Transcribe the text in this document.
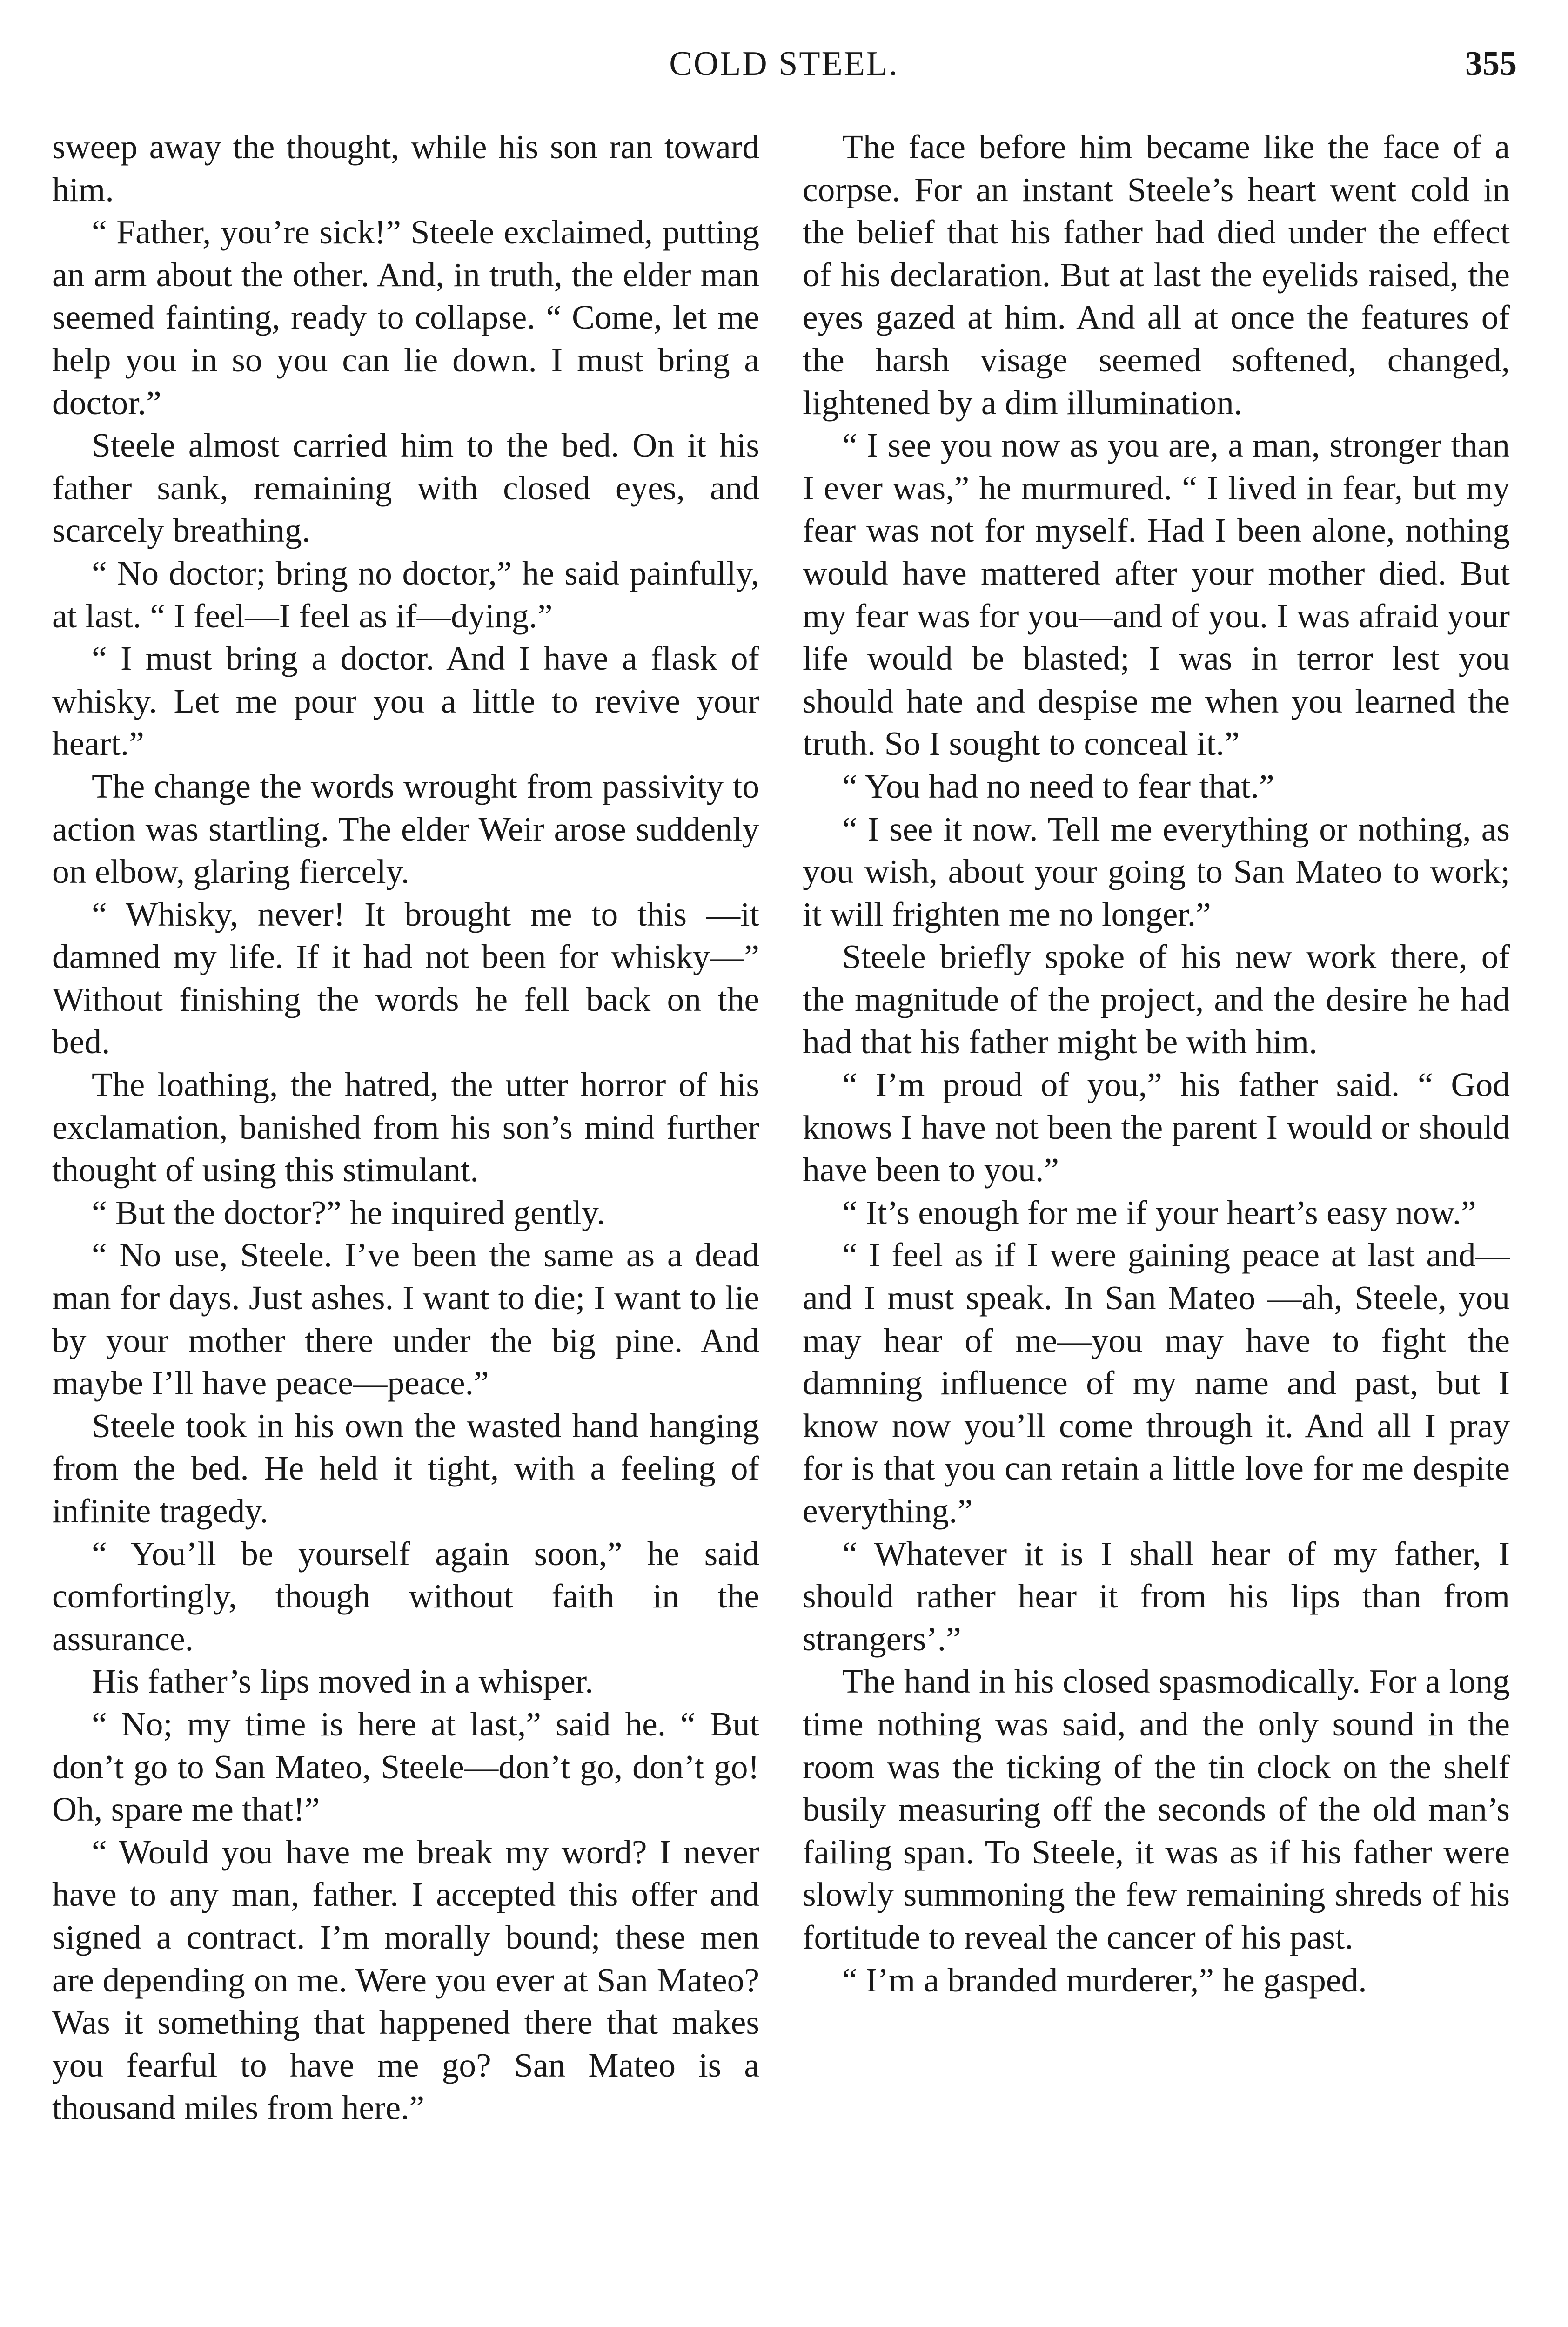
COLD STEEL.	355

sweep away the thought, while his son ran toward him.

“ Father, you’re sick!” Steele exclaimed, putting an arm about the other. And, in truth, the elder man seemed fainting, ready to collapse. “ Come, let me help you in so you can lie down. I must bring a doctor.”

Steele almost carried him to the bed. On it his father sank, remaining with closed eyes, and scarcely breathing.

“ No doctor; bring no doctor,” he said painfully, at last. “ I feel—I feel as if—dying.”

“ I must bring a doctor. And I have a flask of whisky. Let me pour you a little to revive your heart.”

The change the words wrought from passivity to action was startling. The elder Weir arose suddenly on elbow, glaring fiercely.

“ Whisky, never! It brought me to this —it damned my life. If it had not been for whisky—” Without finishing the words he fell back on the bed.

The loathing, the hatred, the utter horror of his exclamation, banished from his son’s mind further thought of using this stimulant.

“ But the doctor?” he inquired gently.

“ No use, Steele. I’ve been the same as a dead man for days. Just ashes. I want to die; I want to lie by your mother there under the big pine. And maybe I’ll have peace—peace.”

Steele took in his own the wasted hand hanging from the bed. He held it tight, with a feeling of infinite tragedy.

“ You’ll be yourself again soon,” he said comfortingly, though without faith in the assurance.

His father’s lips moved in a whisper.

“ No; my time is here at last,” said he. “ But don’t go to San Mateo, Steele—don’t go, don’t go! Oh, spare me that!”

“ Would you have me break my word? I never have to any man, father. I accepted this offer and signed a contract. I’m morally bound; these men are depending on me. Were you ever at San Mateo? Was it something that happened there that makes you fearful to have me go? San Mateo is a thousand miles from here.”

The face before him became like the face of a corpse. For an instant Steele’s heart went cold in the belief that his father had died under the effect of his declaration. But at last the eyelids raised, the eyes gazed at him. And all at once the features of the harsh visage seemed softened, changed, lightened by a dim illumination.

“ I see you now as you are, a man, stronger than I ever was,” he murmured. “ I lived in fear, but my fear was not for myself. Had I been alone, nothing would have mattered after your mother died. But my fear was for you—and of you. I was afraid your life would be blasted; I was in terror lest you should hate and despise me when you learned the truth. So I sought to conceal it.”

“ You had no need to fear that.”

“ I see it now. Tell me everything or nothing, as you wish, about your going to San Mateo to work; it will frighten me no longer.”

Steele briefly spoke of his new work there, of the magnitude of the project, and the desire he had had that his father might be with him.

“ I’m proud of you,” his father said. “ God knows I have not been the parent I would or should have been to you.”

“ It’s enough for me if your heart’s easy now.”

“ I feel as if I were gaining peace at last and—and I must speak. In San Mateo —ah, Steele, you may hear of me—you may have to fight the damning influence of my name and past, but I know now you’ll come through it. And all I pray for is that you can retain a little love for me despite everything.”

“ Whatever it is I shall hear of my father, I should rather hear it from his lips than from strangers’.”

The hand in his closed spasmodically. For a long time nothing was said, and the only sound in the room was the ticking of the tin clock on the shelf busily measuring off the seconds of the old man’s failing span. To Steele, it was as if his father were slowly summoning the few remaining shreds of his fortitude to reveal the cancer of his past.

“ I’m a branded murderer,” he gasped.
